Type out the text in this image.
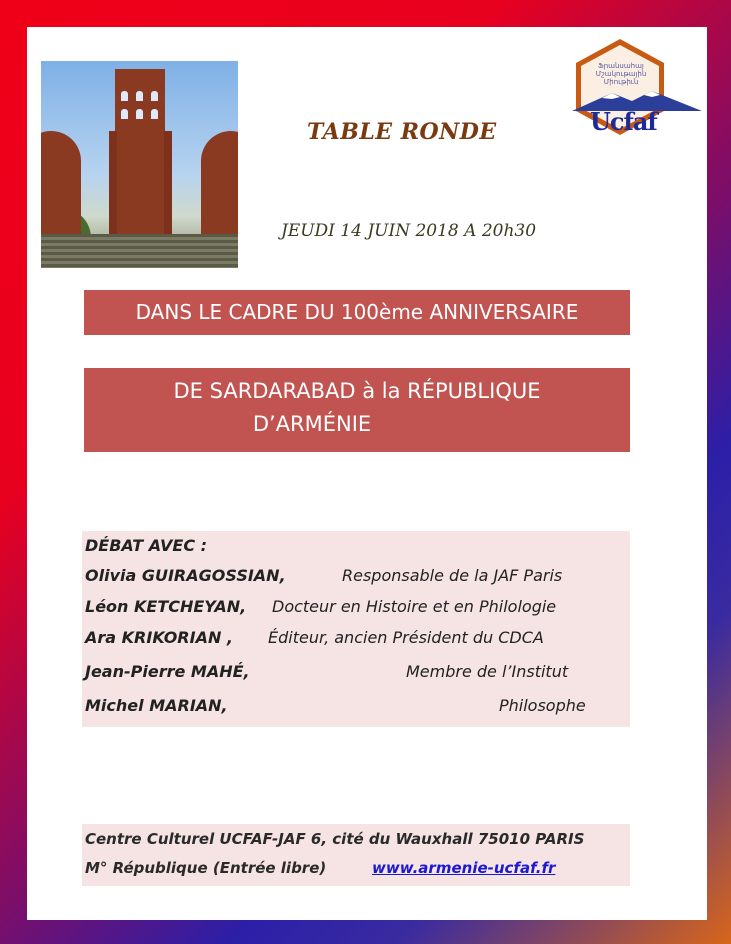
Ֆրանսահայ Մշակութային Միութիւն
Ucfaf
TABLE RONDE
JEUDI 14 JUIN 2018 A 20h30
DANS LE CADRE DU 100ème ANNIVERSAIRE
DE SARDARABAD à la RÉPUBLIQUE
D’ARMÉNIE
DÉBAT AVEC :
Olivia GUIRAGOSSIAN,	Responsable de la JAF Paris
Léon KETCHEYAN, Docteur en Histoire et en Philologie
Ara KRIKORIAN , Éditeur, ancien Président du CDCA
Jean-Pierre MAHÉ,	Membre de l’Institut
Michel MARIAN,	Philosophe
Centre Culturel UCFAF-JAF 6, cité du Wauxhall 75010 PARIS
M° République (Entrée libre)	www.armenie-ucfaf.fr
